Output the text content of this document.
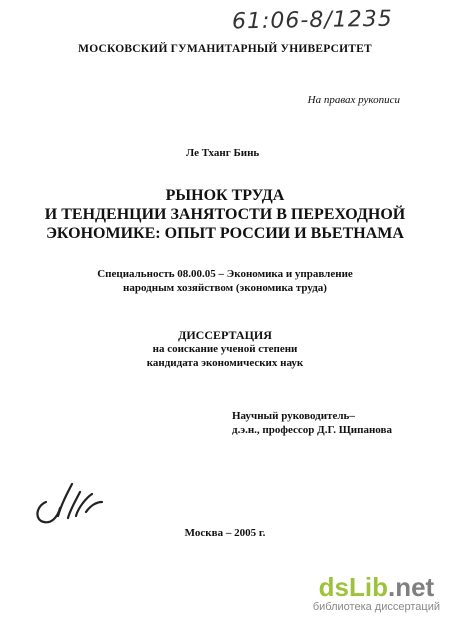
61:06-8/1235
МОСКОВСКИЙ ГУМАНИТАРНЫЙ УНИВЕРСИТЕТ
На правах рукописи
Ле Тханг Бинь
РЫНОК ТРУДА
И ТЕНДЕНЦИИ ЗАНЯТОСТИ В ПЕРЕХОДНОЙ
ЭКОНОМИКЕ: ОПЫТ РОССИИ И ВЬЕТНАМА
Специальность 08.00.05 – Экономика и управление
народным хозяйством (экономика труда)
ДИССЕРТАЦИЯ
на соискание ученой степени
кандидата экономических наук
Научный руководитель–
д.э.н., профессор Д.Г. Щипанова
Москва – 2005 г.
dsLib.net
библиотека диссертаций
